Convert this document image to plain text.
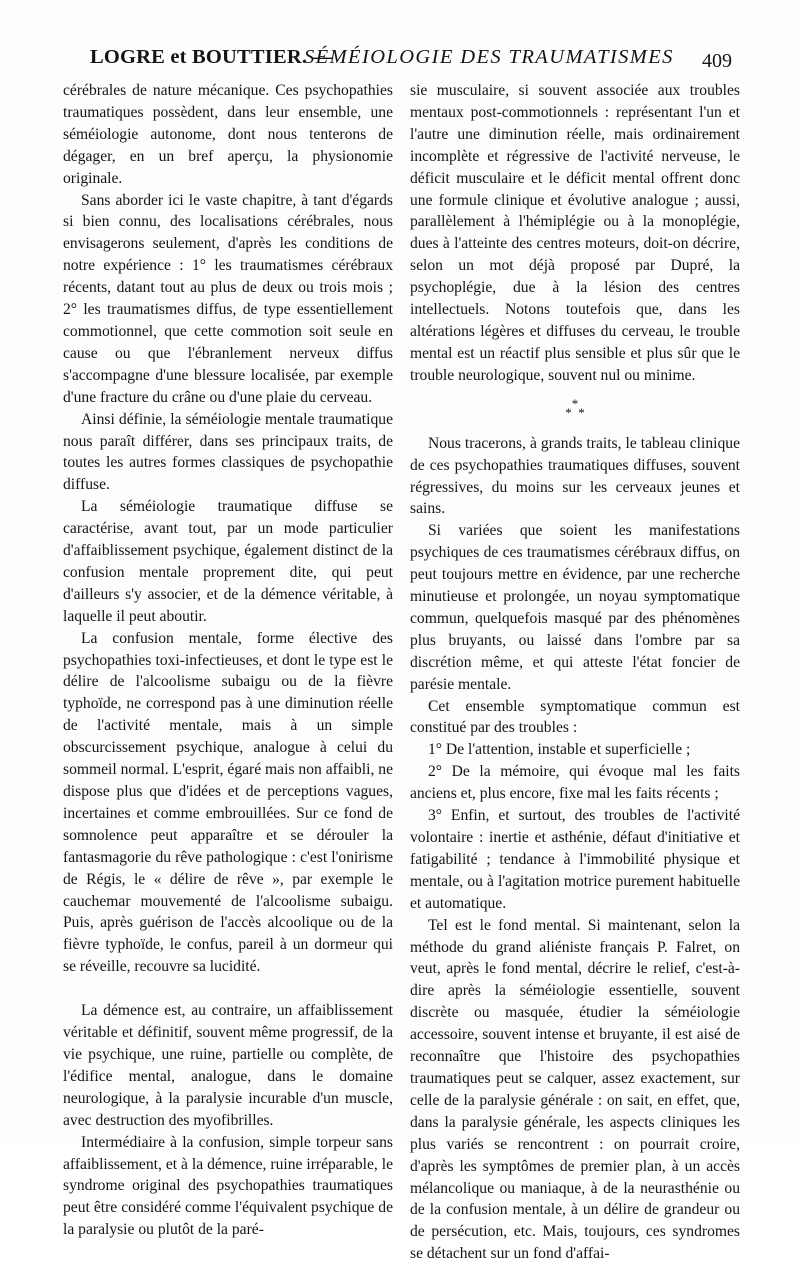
LOGRE et BOUTTIER. —
SÉMÉIOLOGIE DES TRAUMATISMES 409

cérébrales de nature mécanique. Ces psychopathies traumatiques possèdent, dans leur ensemble, une séméiologie autonome, dont nous tenterons de dégager, en un bref aperçu, la physionomie originale.

Sans aborder ici le vaste chapitre, à tant d'égards si bien connu, des localisations cérébrales, nous envisagerons seulement, d'après les conditions de notre expérience : 1° les traumatismes cérébraux récents, datant tout au plus de deux ou trois mois ; 2° les traumatismes diffus, de type essentiellement commotionnel, que cette commotion soit seule en cause ou que l'ébranlement nerveux diffus s'accompagne d'une blessure localisée, par exemple d'une fracture du crâne ou d'une plaie du cerveau.

Ainsi définie, la séméiologie mentale traumatique nous paraît différer, dans ses principaux traits, de toutes les autres formes classiques de psychopathie diffuse.

La séméiologie traumatique diffuse se caractérise, avant tout, par un mode particulier d'affaiblissement psychique, également distinct de la confusion mentale proprement dite, qui peut d'ailleurs s'y associer, et de la démence véritable, à laquelle il peut aboutir.

La confusion mentale, forme élective des psychopathies toxi-infectieuses, et dont le type est le délire de l'alcoolisme subaigu ou de la fièvre typhoïde, ne correspond pas à une diminution réelle de l'activité mentale, mais à un simple obscurcissement psychique, analogue à celui du sommeil normal. L'esprit, égaré mais non affaibli, ne dispose plus que d'idées et de perceptions vagues, incertaines et comme embrouillées. Sur ce fond de somnolence peut apparaître et se dérouler la fantasmagorie du rêve pathologique : c'est l'onirisme de Régis, le « délire de rêve », par exemple le cauchemar mouvementé de l'alcoolisme subaigu. Puis, après guérison de l'accès alcoolique ou de la fièvre typhoïde, le confus, pareil à un dormeur qui se réveille, recouvre sa lucidité.

La démence est, au contraire, un affaiblissement véritable et définitif, souvent même progressif, de la vie psychique, une ruine, partielle ou complète, de l'édifice mental, analogue, dans le domaine neurologique, à la paralysie incurable d'un muscle, avec destruction des myofibrilles.

Intermédiaire à la confusion, simple torpeur sans affaiblissement, et à la démence, ruine irréparable, le syndrome original des psychopathies traumatiques peut être considéré comme l'équivalent psychique de la paralysie ou plutôt de la paré-

sie musculaire, si souvent associée aux troubles mentaux post-commotionnels : représentant l'un et l'autre une diminution réelle, mais ordinairement incomplète et régressive de l'activité nerveuse, le déficit musculaire et le déficit mental offrent donc une formule clinique et évolutive analogue ; aussi, parallèlement à l'hémiplégie ou à la monoplégie, dues à l'atteinte des centres moteurs, doit-on décrire, selon un mot déjà proposé par Dupré, la psychoplégie, due à la lésion des centres intellectuels. Notons toutefois que, dans les altérations légères et diffuses du cerveau, le trouble mental est un réactif plus sensible et plus sûr que le trouble neurologique, souvent nul ou minime.

*
* *

Nous tracerons, à grands traits, le tableau clinique de ces psychopathies traumatiques diffuses, souvent régressives, du moins sur les cerveaux jeunes et sains.

Si variées que soient les manifestations psychiques de ces traumatismes cérébraux diffus, on peut toujours mettre en évidence, par une recherche minutieuse et prolongée, un noyau symptomatique commun, quelquefois masqué par des phénomènes plus bruyants, ou laissé dans l'ombre par sa discrétion même, et qui atteste l'état foncier de parésie mentale.

Cet ensemble symptomatique commun est constitué par des troubles :

1° De l'attention, instable et superficielle ;

2° De la mémoire, qui évoque mal les faits anciens et, plus encore, fixe mal les faits récents ;

3° Enfin, et surtout, des troubles de l'activité volontaire : inertie et asthénie, défaut d'initiative et fatigabilité ; tendance à l'immobilité physique et mentale, ou à l'agitation motrice purement habituelle et automatique.

Tel est le fond mental. Si maintenant, selon la méthode du grand aliéniste français P. Falret, on veut, après le fond mental, décrire le relief, c'est-à-dire après la séméiologie essentielle, souvent discrète ou masquée, étudier la séméiologie accessoire, souvent intense et bruyante, il est aisé de reconnaître que l'histoire des psychopathies traumatiques peut se calquer, assez exactement, sur celle de la paralysie générale : on sait, en effet, que, dans la paralysie générale, les aspects cliniques les plus variés se rencontrent : on pourrait croire, d'après les symptômes de premier plan, à un accès mélancolique ou maniaque, à de la neurasthénie ou de la confusion mentale, à un délire de grandeur ou de persécution, etc. Mais, toujours, ces syndromes se détachent sur un fond d'affai-
